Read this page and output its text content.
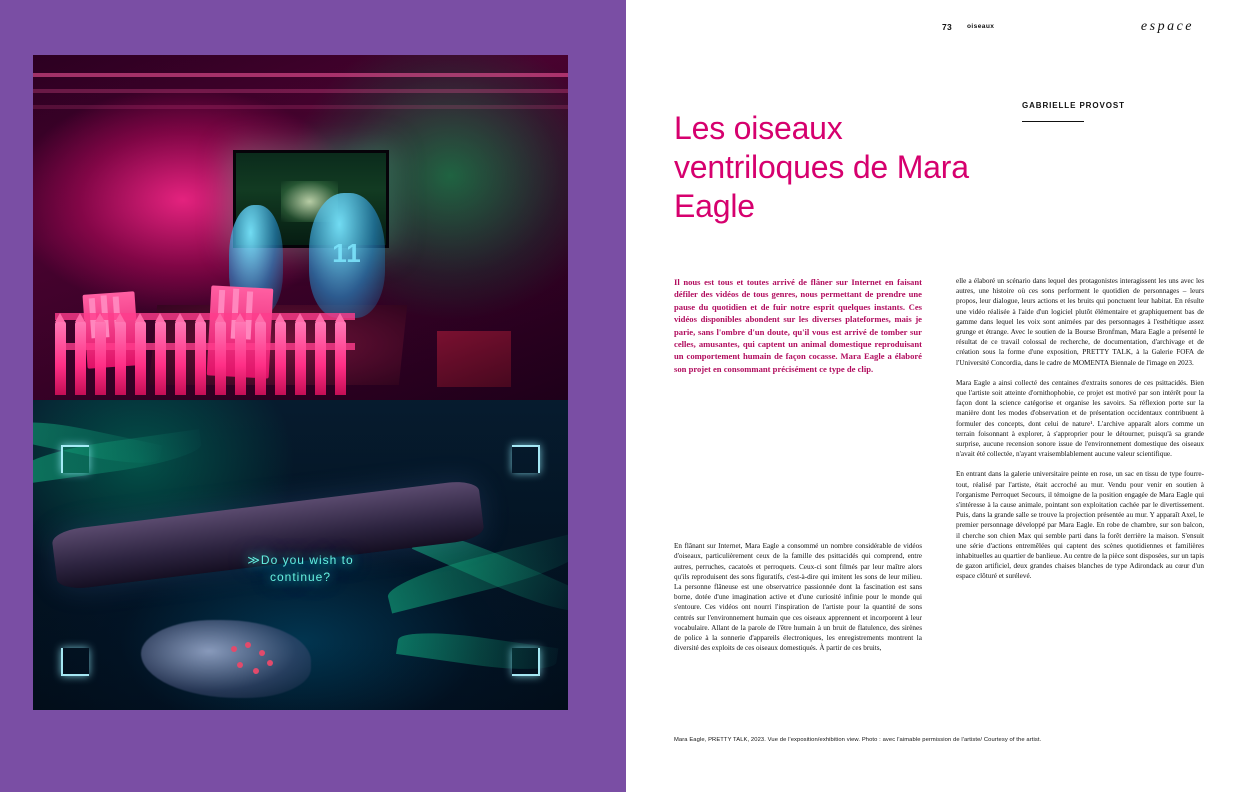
11
≫Do you wish to
continue?
73 oiseaux	espace
Les oiseaux ventriloques de Mara Eagle
GABRIELLE PROVOST

Il nous est tous et toutes arrivé de flâner sur Internet en faisant défiler des vidéos de tous genres, nous permettant de prendre une pause du quotidien et de fuir notre esprit quelques instants. Ces vidéos disponibles abondent sur les diverses plateformes, mais je parie, sans l'ombre d'un doute, qu'il vous est arrivé de tomber sur celles, amusantes, qui captent un animal domestique reproduisant un comportement humain de façon cocasse. Mara Eagle a élaboré son projet en consommant précisément ce type de clip.

En flânant sur Internet, Mara Eagle a consommé un nombre considérable de vidéos d'oiseaux, particulièrement ceux de la famille des psittacidés qui comprend, entre autres, perruches, cacatoès et perroquets. Ceux-ci sont filmés par leur maître alors qu'ils reproduisent des sons figuratifs, c'est-à-dire qui imitent les sons de leur milieu. La personne flâneuse est une observatrice passionnée dont la fascination est sans borne, dotée d'une imagination active et d'une curiosité infinie pour le monde qui s'entoure. Ces vidéos ont nourri l'inspiration de l'artiste pour la quantité de sons centrés sur l'environnement humain que ces oiseaux apprennent et incorporent à leur vocabulaire. Allant de la parole de l'être humain à un bruit de flatulence, des sirènes de police à la sonnerie d'appareils électroniques, les enregistrements montrent la diversité des exploits de ces oiseaux domestiqués. À partir de ces bruits,

elle a élaboré un scénario dans lequel des protagonistes interagissent les uns avec les autres, une histoire où ces sons performent le quotidien de personnages – leurs propos, leur dialogue, leurs actions et les bruits qui ponctuent leur habitat. En résulte une vidéo réalisée à l'aide d'un logiciel plutôt élémentaire et graphiquement bas de gamme dans lequel les voix sont animées par des personnages à l'esthétique assez grunge et étrange. Avec le soutien de la Bourse Bronfman, Mara Eagle a présenté le résultat de ce travail colossal de recherche, de documentation, d'archivage et de création sous la forme d'une exposition, PRETTY TALK, à la Galerie FOFA de l'Université Concordia, dans le cadre de MOMENTA Biennale de l'image en 2023.

Mara Eagle a ainsi collecté des centaines d'extraits sonores de ces psittacidés. Bien que l'artiste soit atteinte d'ornithophobie, ce projet est motivé par son intérêt pour la façon dont la science catégorise et organise les savoirs. Sa réflexion porte sur la manière dont les modes d'observation et de présentation occidentaux contribuent à formuler des concepts, dont celui de nature¹. L'archive apparaît alors comme un terrain foisonnant à explorer, à s'approprier pour le détourner, puisqu'à sa grande surprise, aucune recension sonore issue de l'environnement domestique des oiseaux n'avait été collectée, n'ayant vraisemblablement aucune valeur scientifique.

En entrant dans la galerie universitaire peinte en rose, un sac en tissu de type fourre-tout, réalisé par l'artiste, était accroché au mur. Vendu pour venir en soutien à l'organisme Perroquet Secours, il témoigne de la position engagée de Mara Eagle qui s'intéresse à la cause animale, pointant son exploitation cachée par le divertissement. Puis, dans la grande salle se trouve la projection présentée au mur. Y apparaît Axel, le premier personnage développé par Mara Eagle. En robe de chambre, sur son balcon, il cherche son chien Max qui semble parti dans la forêt derrière la maison. S'ensuit une série d'actions entremêlées qui captent des scènes quotidiennes et familières inhabituelles au quartier de banlieue. Au centre de la pièce sont disposées, sur un tapis de gazon artificiel, deux grandes chaises blanches de type Adirondack au cœur d'un espace clôturé et surélevé.

Mara Eagle, PRETTY TALK, 2023. Vue de l'exposition/exhibition view. Photo : avec l'aimable permission de l'artiste/ Courtesy of the artist.
